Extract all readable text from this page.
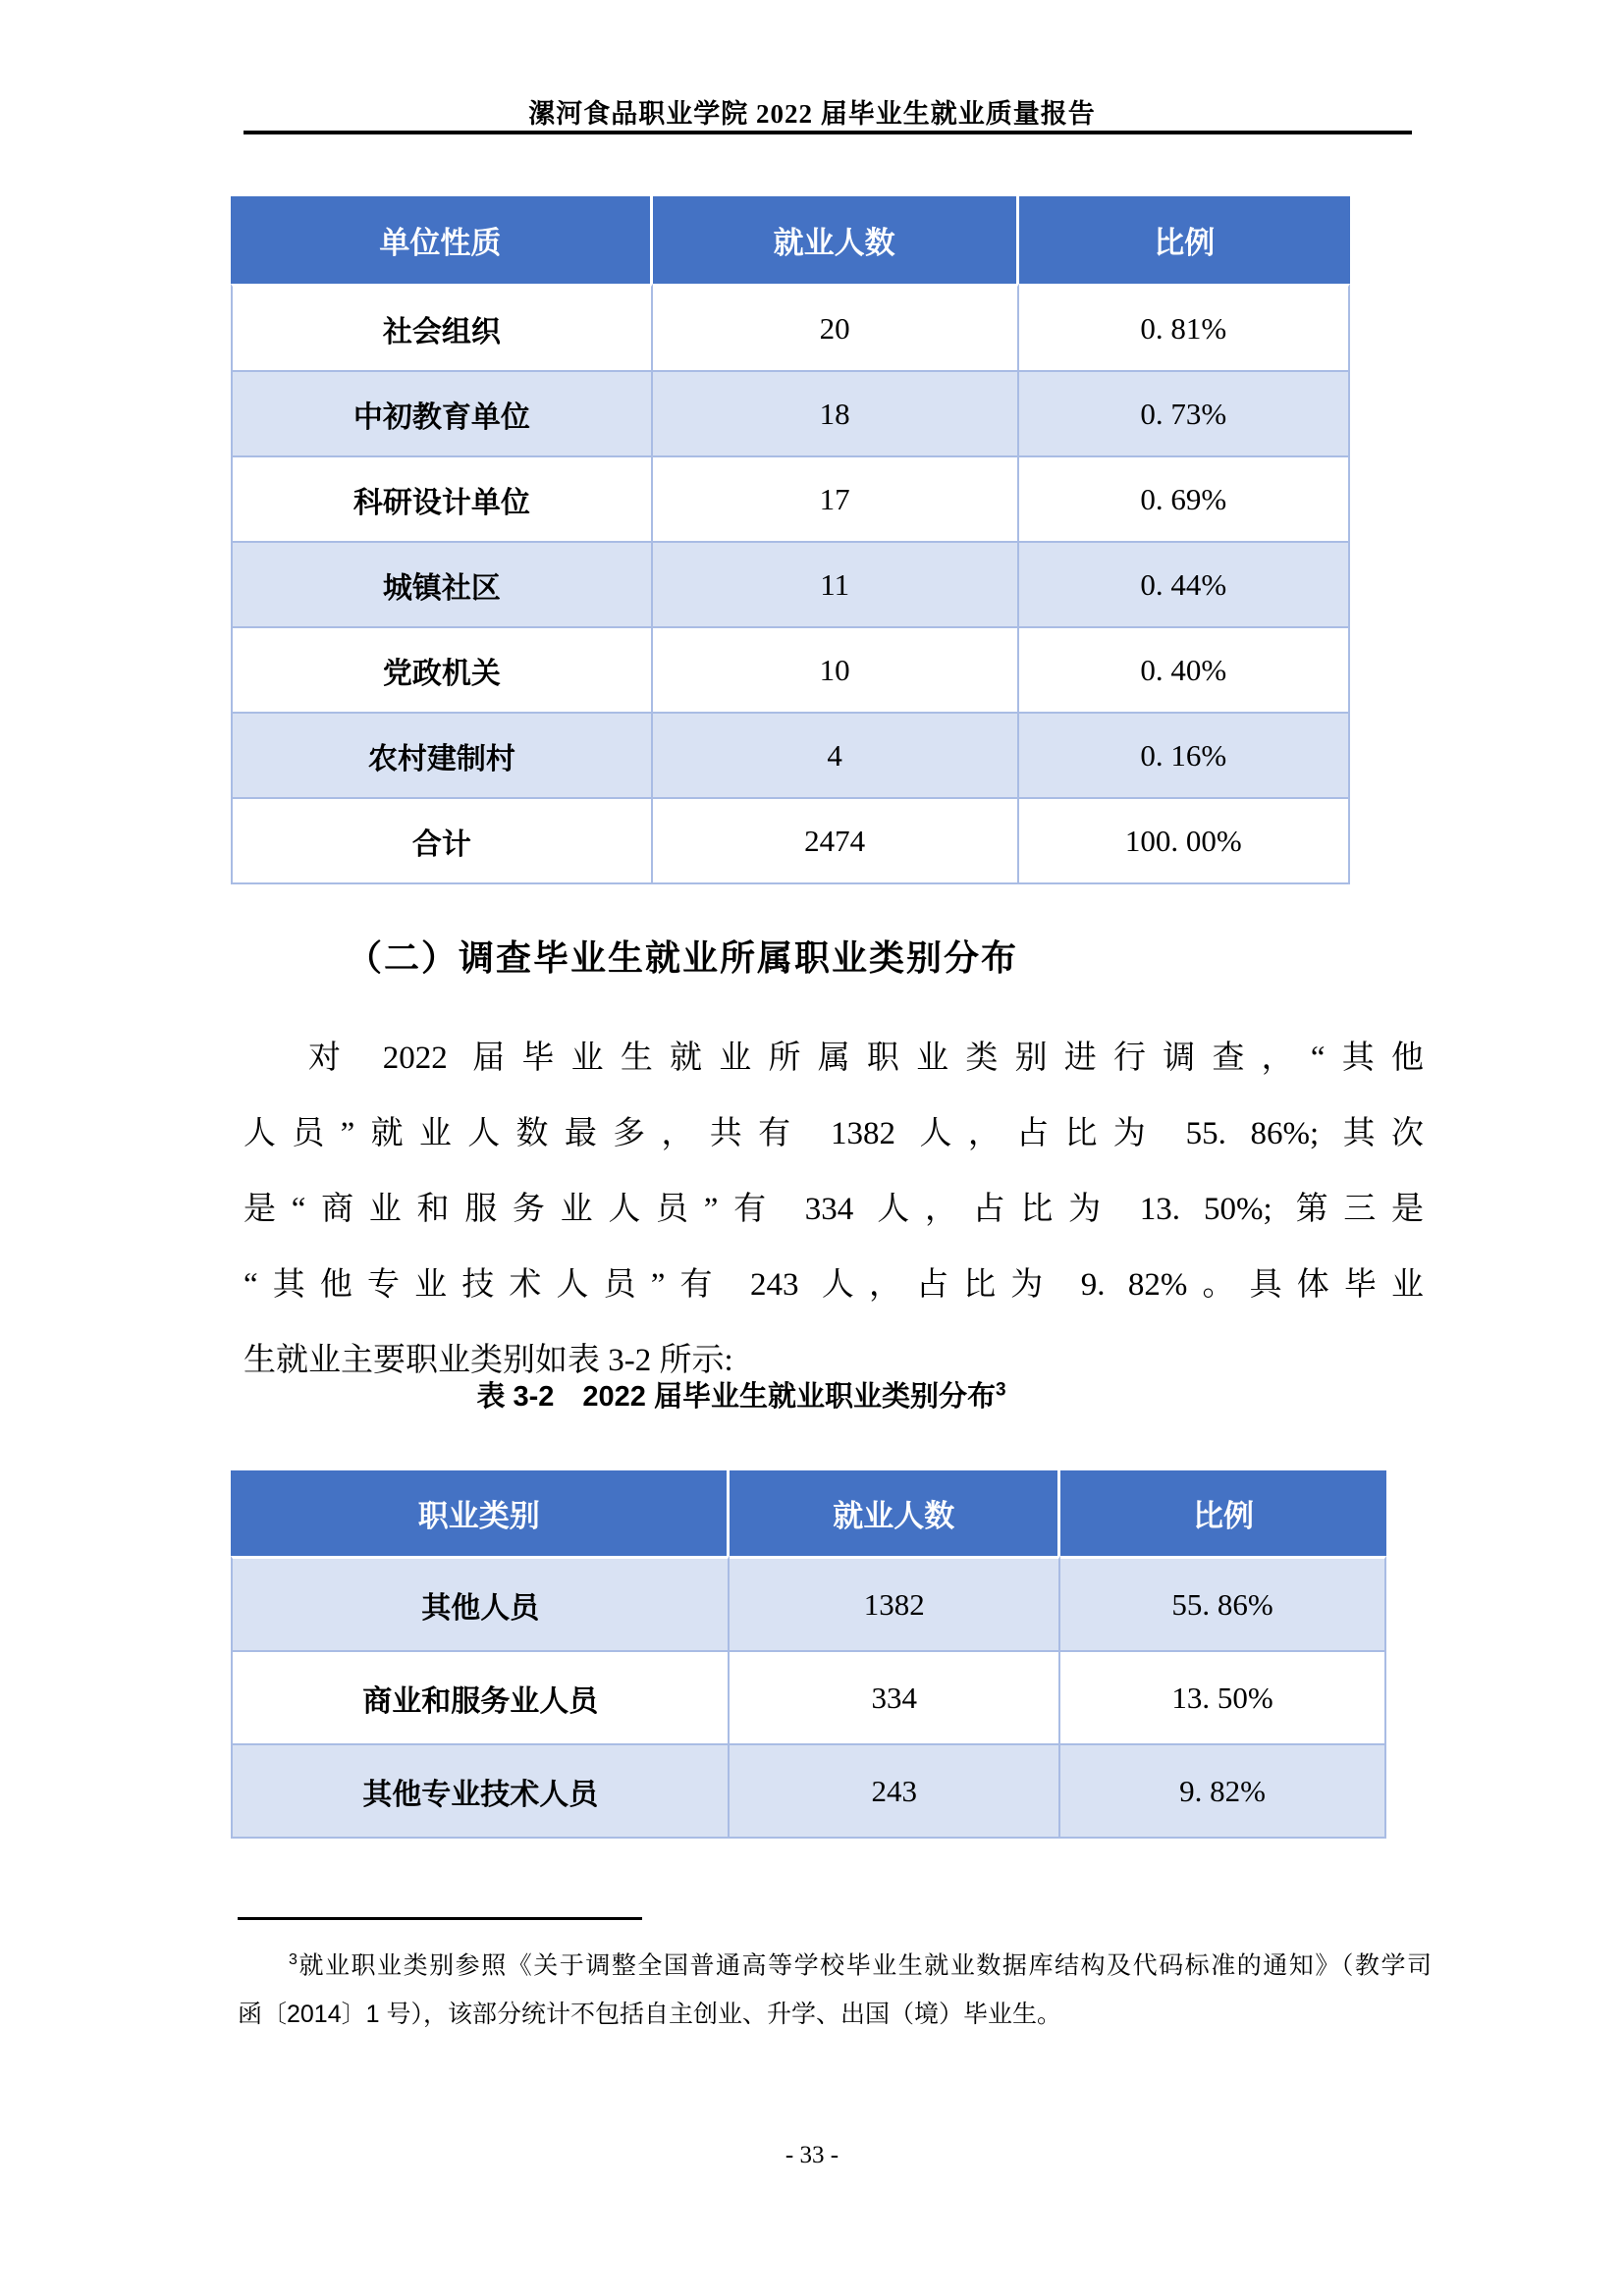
漯河食品职业学院 2022 届毕业生就业质量报告
单位性质	就业人数	比例
社会组织	20	0. 81%
中初教育单位	18	0. 73%
科研设计单位	17	0. 69%
城镇社区	11	0. 44%
党政机关	10	0. 40%
农村建制村	4	0. 16%
合计	2474	100. 00%
（二）调查毕业生就业所属职业类别分布
对 2022 届毕业生就业所属职业类别进行调查，“其他
人员”就业人数最多，共有 1382 人，占比为 55. 86%; 其次
是“商业和服务业人员”有 334 人，占比为 13. 50%; 第三是
“其他专业技术人员”有 243 人，占比为 9. 82%。具体毕业
生就业主要职业类别如表 3-2 所示:
表 3-2　2022 届毕业生就业职业类别分布$^3$
职业类别	就业人数	比例
其他人员	1382	55. 86%
商业和服务业人员	334	13. 50%
其他专业技术人员	243	9. 82%
$^3$就业职业类别参照《关于调整全国普通高等学校毕业生就业数据库结构及代码标准的通知》（教学司
函〔2014〕1 号），该部分统计不包括自主创业、升学、出国（境）毕业生。
- 33 -
